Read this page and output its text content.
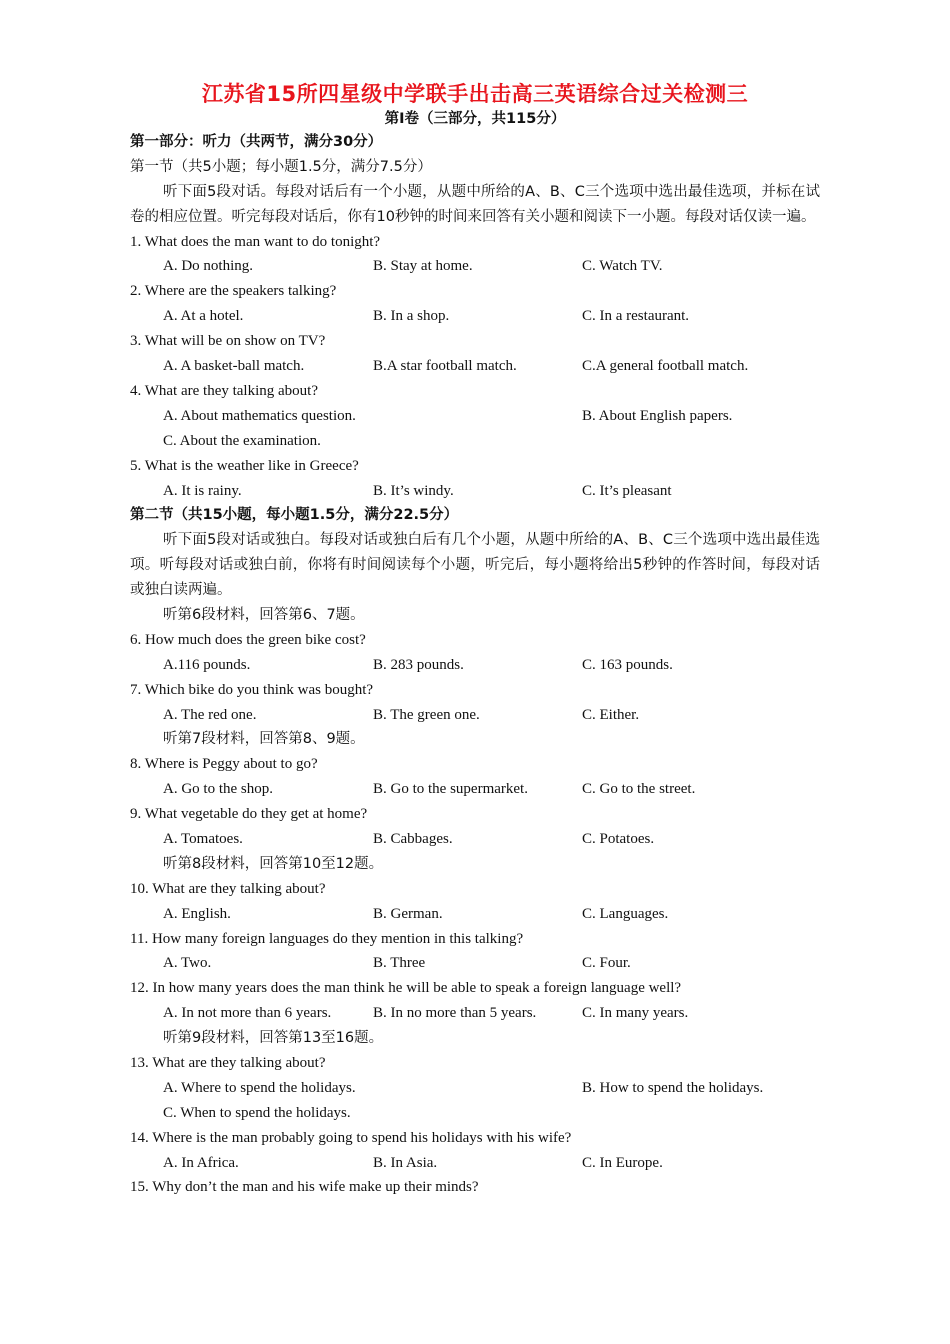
江苏省15所四星级中学联手出击高三英语综合过关检测三
第Ⅰ卷（三部分，共115分）
第一部分：听力（共两节，满分30分）
第一节（共5小题；每小题1.5分，满分7.5分）

听下面5段对话。每段对话后有一个小题，从题中所给的A、B、C三个选项中选出最佳选项，并标在试卷的相应位置。听完每段对话后，你有10秒钟的时间来回答有关小题和阅读下一小题。每段对话仅读一遍。

1. What does the man want to do tonight?
A. Do nothing.	B. Stay at home.	C. Watch TV.
2. Where are the speakers talking?
A. At a hotel.	B. In a shop.	C. In a restaurant.
3. What will be on show on TV?
A. A basket-ball match.	B.A star football match.	C.A general football match.
4. What are they talking about?
A. About mathematics question.	B. About English papers.
C. About the examination.
5. What is the weather like in Greece?
A. It is rainy.	B. It’s windy.	C. It’s pleasant
第二节（共15小题，每小题1.5分，满分22.5分）

听下面5段对话或独白。每段对话或独白后有几个小题，从题中所给的A、B、C三个选项中选出最佳选项。听每段对话或独白前，你将有时间阅读每个小题，听完后，每小题将给出5秒钟的作答时间，每段对话或独白读两遍。

听第6段材料，回答第6、7题。
6. How much does the green bike cost?
A.116 pounds.	B. 283 pounds.	C. 163 pounds.
7. Which bike do you think was bought?
A. The red one.	B. The green one.	C. Either.
听第7段材料，回答第8、9题。
8. Where is Peggy about to go?
A. Go to the shop.	B. Go to the supermarket.	C. Go to the street.
9. What vegetable do they get at home?
A. Tomatoes.	B. Cabbages.	C. Potatoes.
听第8段材料，回答第10至12题。
10. What are they talking about?
A. English.	B. German.	C. Languages.
11. How many foreign languages do they mention in this talking?
A. Two.	B. Three	C. Four.
12. In how many years does the man think he will be able to speak a foreign language well?
A. In not more than 6 years.	B. In no more than 5 years.	C. In many years.
听第9段材料，回答第13至16题。
13. What are they talking about?
A. Where to spend the holidays.	B. How to spend the holidays.
C. When to spend the holidays.
14. Where is the man probably going to spend his holidays with his wife?
A. In Africa.	B. In Asia.	C. In Europe.
15. Why don’t the man and his wife make up their minds?
